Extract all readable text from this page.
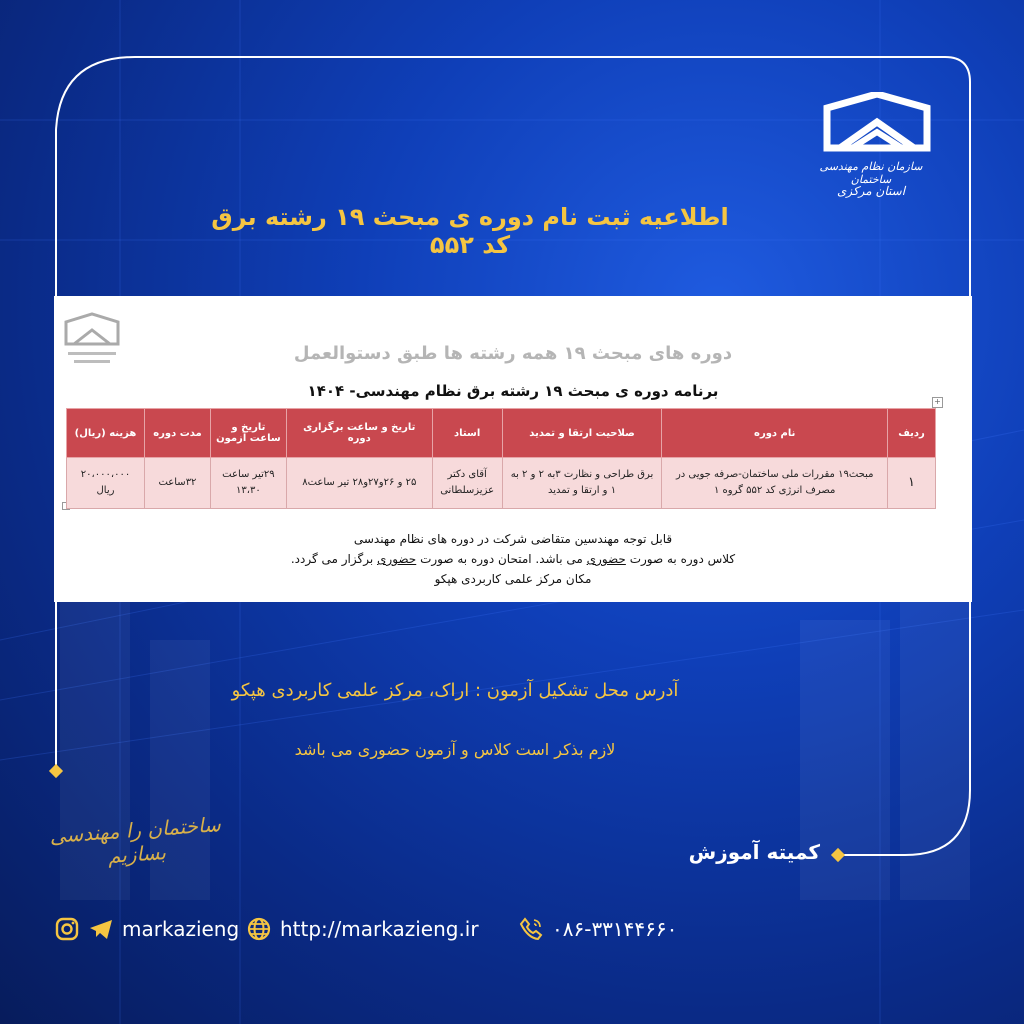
سازمان نظام مهندسی ساختمان
استان مرکزی
اطلاعیه ثبت نام دوره ی مبحث ۱۹ رشته برق کد ۵۵۲
دوره های مبحث ۱۹ همه رشته ها طبق دستوالعمل
برنامه دوره ی مبحث ۱۹ رشته برق نظام مهندسی- ۱۴۰۴
+
ردیف	نام دوره	صلاحیت ارتقا و تمدید	استاد	تاریخ و ساعت برگزاری دوره	تاریخ و ساعت آزمون	مدت دوره	هزینه (ریال)
۱	مبحث۱۹ مقررات ملی ساختمان-صرفه جویی در مصرف انرژی کد ۵۵۲ گروه ۱	برق طراحی و نظارت ۳به ۲ و ۲ به ۱ و ارتقا و تمدید	آقای دکتر عزیزسلطانی	۲۵ و ۲۶و۲۷و۲۸ تیر ساعت۸	۲۹تیر ساعت ۱۳،۳۰	۳۲ساعت	۲۰،۰۰۰،۰۰۰ ریال
قابل توجه مهندسین متقاضی شرکت در دوره های نظام مهندسی
کلاس دوره به صورت حضوری می باشد. امتحان دوره به صورت حضوری برگزار می گردد.
مکان مرکز علمی کاربردی هپکو
آدرس محل تشکیل آزمون : اراک، مرکز علمی کاربردی هپکو
لازم بذکر است کلاس و آزمون حضوری می باشد
ساختمان را مهندسی بسازیم	کمیته آموزش
markazieng http://markazieng.ir	۰۸۶-۳۳۱۴۴۶۶۰
